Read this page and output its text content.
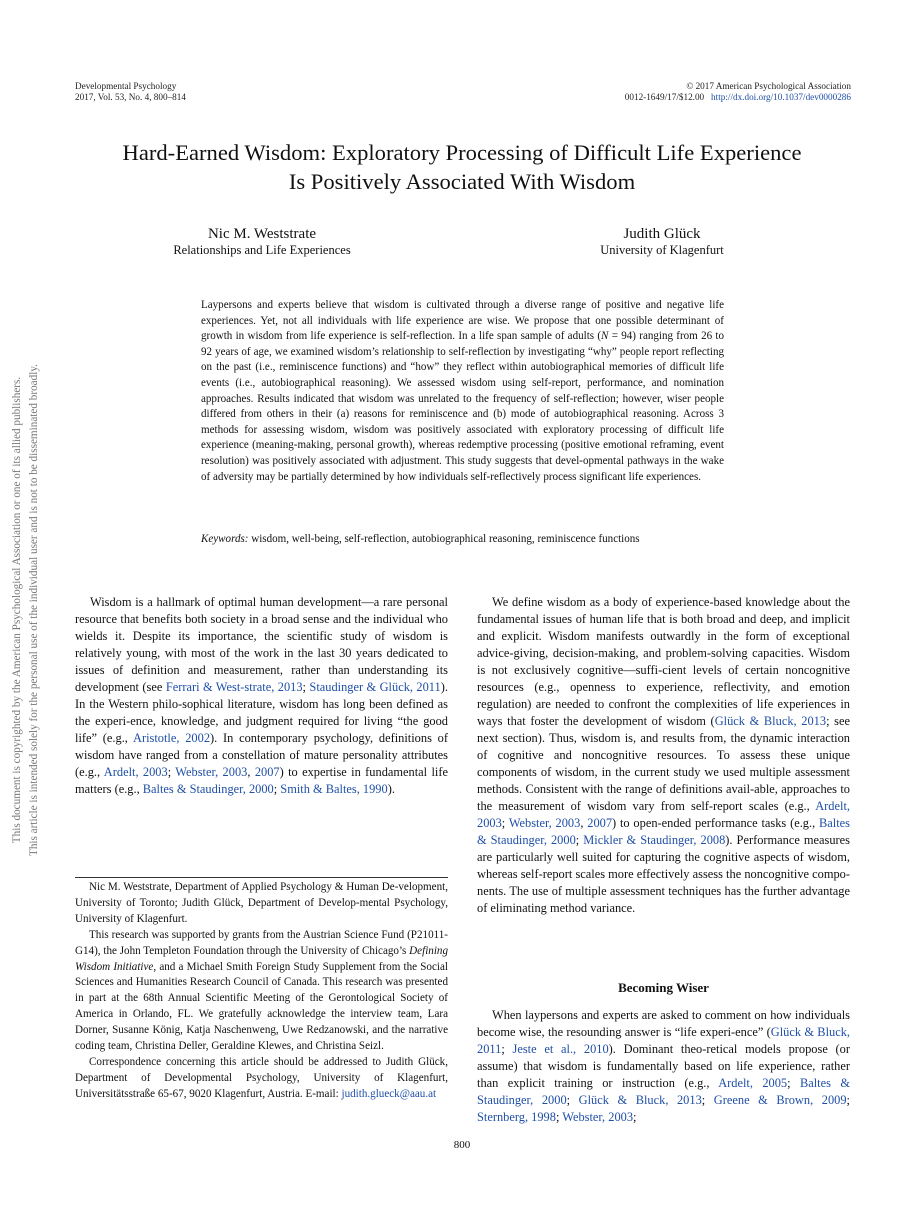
Developmental Psychology
2017, Vol. 53, No. 4, 800–814
© 2017 American Psychological Association
0012-1649/17/$12.00 http://dx.doi.org/10.1037/dev0000286
Hard-Earned Wisdom: Exploratory Processing of Difficult Life Experience
Is Positively Associated With Wisdom
Nic M. Weststrate
Relationships and Life Experiences
Judith Glück
University of Klagenfurt
Laypersons and experts believe that wisdom is cultivated through a diverse range of positive and negative life experiences. Yet, not all individuals with life experience are wise. We propose that one possible determinant of growth in wisdom from life experience is self-reflection. In a life span sample of adults (N = 94) ranging from 26 to 92 years of age, we examined wisdom’s relationship to self-reflection by investigating “why” people report reflecting on the past (i.e., reminiscence functions) and “how” they reflect within autobiographical memories of difficult life events (i.e., autobiographical reasoning). We assessed wisdom using self-report, performance, and nomination approaches. Results indicated that wisdom was unrelated to the frequency of self-reflection; however, wiser people differed from others in their (a) reasons for reminiscence and (b) mode of autobiographical reasoning. Across 3 methods for assessing wisdom, wisdom was positively associated with exploratory processing of difficult life experience (meaning-making, personal growth), whereas redemptive processing (positive emotional reframing, event resolution) was positively associated with adjustment. This study suggests that devel-opmental pathways in the wake of adversity may be partially determined by how individuals self-reflectively process significant life experiences.
Keywords: wisdom, well-being, self-reflection, autobiographical reasoning, reminiscence functions

Wisdom is a hallmark of optimal human development—a rare personal resource that benefits both society in a broad sense and the individual who wields it. Despite its importance, the scientific study of wisdom is relatively young, with most of the work in the last 30 years dedicated to issues of definition and measurement, rather than understanding its development (see Ferrari & West-strate, 2013; Staudinger & Glück, 2011). In the Western philo-sophical literature, wisdom has long been defined as the experi-ence, knowledge, and judgment required for living “the good life” (e.g., Aristotle, 2002). In contemporary psychology, definitions of wisdom have ranged from a constellation of mature personality attributes (e.g., Ardelt, 2003; Webster, 2003, 2007) to expertise in fundamental life matters (e.g., Baltes & Staudinger, 2000; Smith & Baltes, 1990).

Nic M. Weststrate, Department of Applied Psychology & Human De-velopment, University of Toronto; Judith Glück, Department of Develop-mental Psychology, University of Klagenfurt.

This research was supported by grants from the Austrian Science Fund (P21011-G14), the John Templeton Foundation through the University of Chicago’s Defining Wisdom Initiative, and a Michael Smith Foreign Study Supplement from the Social Sciences and Humanities Research Council of Canada. This research was presented in part at the 68th Annual Scientific Meeting of the Gerontological Society of America in Orlando, FL. We gratefully acknowledge the interview team, Lara Dorner, Susanne König, Katja Naschenweng, Uwe Redzanowski, and the narrative coding team, Christina Deller, Geraldine Klewes, and Christina Seizl.

Correspondence concerning this article should be addressed to Judith Glück, Department of Developmental Psychology, University of Klagenfurt, Universitätsstraße 65-67, 9020 Klagenfurt, Austria. E-mail: judith.glueck@aau.at

We define wisdom as a body of experience-based knowledge about the fundamental issues of human life that is both broad and deep, and implicit and explicit. Wisdom manifests outwardly in the form of exceptional advice-giving, decision-making, and problem-solving capacities. Wisdom is not exclusively cognitive—suffi-cient levels of certain noncognitive resources (e.g., openness to experience, reflectivity, and emotion regulation) are needed to confront the complexities of life experiences in ways that foster the development of wisdom (Glück & Bluck, 2013; see next section). Thus, wisdom is, and results from, the dynamic interaction of cognitive and noncognitive resources. To assess these unique components of wisdom, in the current study we used multiple assessment methods. Consistent with the range of definitions avail-able, approaches to the measurement of wisdom vary from self-report scales (e.g., Ardelt, 2003; Webster, 2003, 2007) to open-ended performance tasks (e.g., Baltes & Staudinger, 2000; Mickler & Staudinger, 2008). Performance measures are particularly well suited for capturing the cognitive aspects of wisdom, whereas self-report scales more effectively assess the noncognitive compo-nents. The use of multiple assessment techniques has the further advantage of eliminating method variance.

Becoming Wiser

When laypersons and experts are asked to comment on how individuals become wise, the resounding answer is “life experi-ence” (Glück & Bluck, 2011; Jeste et al., 2010). Dominant theo-retical models propose (or assume) that wisdom is fundamentally based on life experience, rather than explicit training or instruction (e.g., Ardelt, 2005; Baltes & Staudinger, 2000; Glück & Bluck, 2013; Greene & Brown, 2009; Sternberg, 1998; Webster, 2003;

800
This document is copyrighted by the American Psychological Association or one of its allied publishers. This article is intended solely for the personal use of the individual user and is not to be disseminated broadly.
